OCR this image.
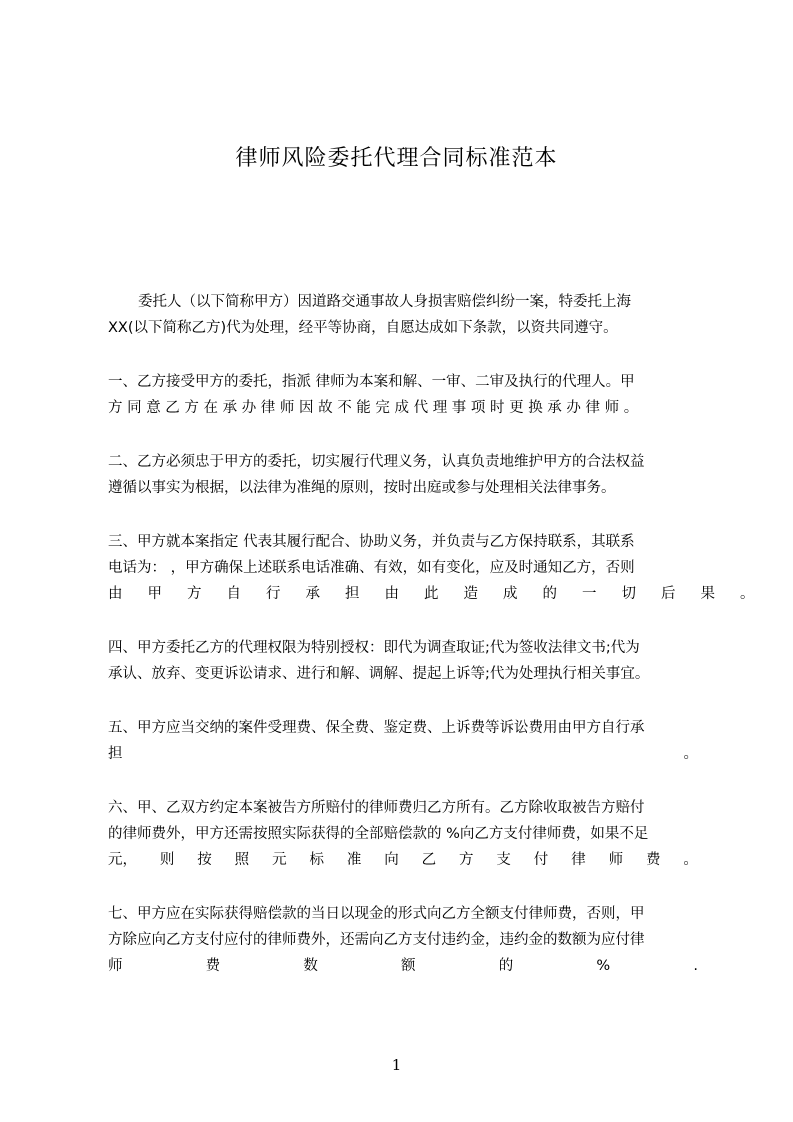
律师风险委托代理合同标准范本
委托人（以下简称甲方）因道路交通事故人身损害赔偿纠纷一案，特委托上海
XX(以下简称乙方)代为处理，经平等协商，自愿达成如下条款，以资共同遵守。
一、乙方接受甲方的委托，指派 律师为本案和解、一审、二审及执行的代理人。甲
方同意乙方在承办律师因故不能完成代理事项时更换承办律师。
二、乙方必须忠于甲方的委托，切实履行代理义务，认真负责地维护甲方的合法权益
遵循以事实为根据，以法律为准绳的原则，按时出庭或参与处理相关法律事务。
三、甲方就本案指定 代表其履行配合、协助义务，并负责与乙方保持联系，其联系
电话为： ，甲方确保上述联系电话准确、有效，如有变化，应及时通知乙方，否则
由甲方自行承担由此造成的一切后果。
四、甲方委托乙方的代理权限为特别授权：即代为调查取证;代为签收法律文书;代为
承认、放弃、变更诉讼请求、进行和解、调解、提起上诉等;代为处理执行相关事宜。
五、甲方应当交纳的案件受理费、保全费、鉴定费、上诉费等诉讼费用由甲方自行承
担	。
六、甲、乙双方约定本案被告方所赔付的律师费归乙方所有。乙方除收取被告方赔付
的律师费外，甲方还需按照实际获得的全部赔偿款的 %向乙方支付律师费，如果不足
元， 则 按 照 元 标 准 向 乙 方 支 付 律 师 费 。
七、甲方应在实际获得赔偿款的当日以现金的形式向乙方全额支付律师费，否则，甲
方除应向乙方支付应付的律师费外，还需向乙方支付违约金，违约金的数额为应付律
师	费	数	额	的	%	.
1
